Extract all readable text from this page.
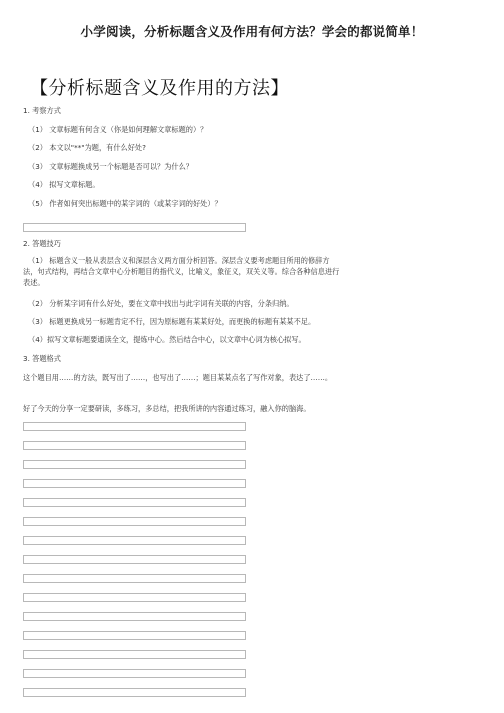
小学阅读，分析标题含义及作用有何方法？学会的都说简单！
【分析标题含义及作用的方法】
1. 考察方式
（1） 文章标题有何含义（你是如何理解文章标题的）？
（2） 本文以"**"为题，有什么好处?
（3） 文章标题换成另一个标题是否可以？为什么？
（4） 拟写文章标题。
（5） 作者如何突出标题中的某字词的（或某字词的好处）？
2. 答题技巧
（1） 标题含义一般从表层含义和深层含义两方面分析回答。深层含义要考虑题目所用的修辞方法，句式结构，再结合文章中心分析题目的指代义，比喻义，象征义，双关义等。综合各种信息进行表述。
（2） 分析某字词有什么好处，要在文章中找出与此字词有关联的内容，分条归纳。
（3） 标题更换成另一标题肯定不行，因为原标题有某某好处，而更换的标题有某某不足。
（4）拟写文章标题要通读全文，提炼中心。然后结合中心，以文章中心词为核心拟写。
3. 答题格式
这个题目用……的方法，既写出了……，也写出了……；题目某某点名了写作对象，表达了……。
好了今天的分享一定要研读，多练习，多总结，把我所讲的内容通过练习，融入你的脑海。
